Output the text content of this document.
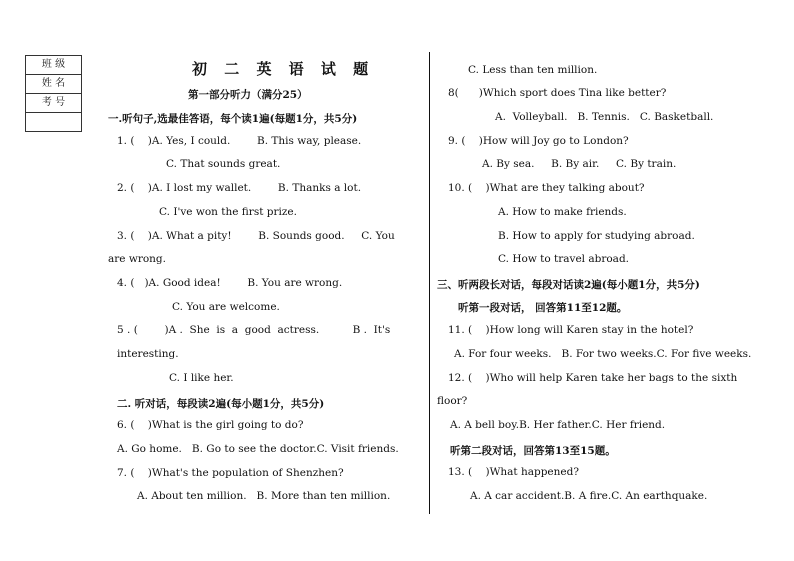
班 级
姓 名
考 号
初 二 英 语 试 题
第一部分听力（满分25）
一.听句子,选最佳答语，每个读1遍(每题1分，共5分)
1. (    )A. Yes, I could.        B. This way, please.
C. That sounds great.
2. (    )A. I lost my wallet.        B. Thanks a lot.
C. I've won the first prize.
3. (    )A. What a pity!        B. Sounds good.     C. You
are wrong.
4. (   )A. Good idea!        B. You are wrong.
C. You are welcome.
5 . (        )A .  She  is  a  good  actress.          B .  It's
interesting.
C. I like her.
二. 听对话，每段读2遍(每小题1分，共5分)
6. (    )What is the girl going to do?
A. Go home.   B. Go to see the doctor.C. Visit friends.
7. (    )What's the population of Shenzhen?
A. About ten million.   B. More than ten million.
C. Less than ten million.
8(      )Which sport does Tina like better?
A.  Volleyball.   B. Tennis.   C. Basketball.
9. (    )How will Joy go to London?
A. By sea.     B. By air.     C. By train.
10. (    )What are they talking about?
A. How to make friends.
B. How to apply for studying abroad.
C. How to travel abroad.
三、听两段长对话，每段对话读2遍(每小题1分，共5分)
听第一段对话， 回答第11至12题。
11. (    )How long will Karen stay in the hotel?
A. For four weeks.   B. For two weeks.C. For five weeks.
12. (    )Who will help Karen take her bags to the sixth
floor?
A. A bell boy.B. Her father.C. Her friend.
听第二段对话，回答第13至15题。
13. (    )What happened?
A. A car accident.B. A fire.C. An earthquake.
